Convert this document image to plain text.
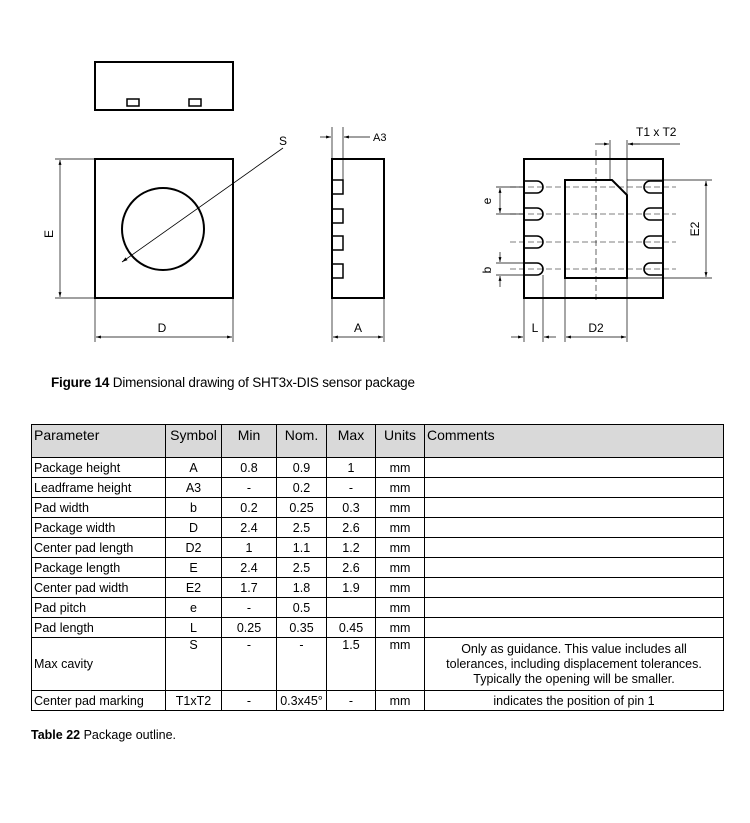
S
E
D
A3
A
T1 x T2
e
b
E2
L	D2
Figure 14 Dimensional drawing of SHT3x-DIS sensor package
Parameter	Symbol	Min	Nom.	Max	Units	Comments
Package height	A	0.8	0.9	1	mm	
Leadframe height	A3	-	0.2	-	mm	
Pad width	b	0.2	0.25	0.3	mm	
Package width	D	2.4	2.5	2.6	mm	
Center pad length	D2	1	1.1	1.2	mm	
Package length	E	2.4	2.5	2.6	mm	
Center pad width	E2	1.7	1.8	1.9	mm	
Pad pitch	e	-	0.5		mm	
Pad length	L	0.25	0.35	0.45	mm	
Max cavity	S	-	-	1.5	mm	Only as guidance. This value includes all tolerances, including displacement tolerances. Typically the opening will be smaller.
Center pad marking	T1xT2	-	0.3x45°	-	mm	indicates the position of pin 1
Table 22 Package outline.
